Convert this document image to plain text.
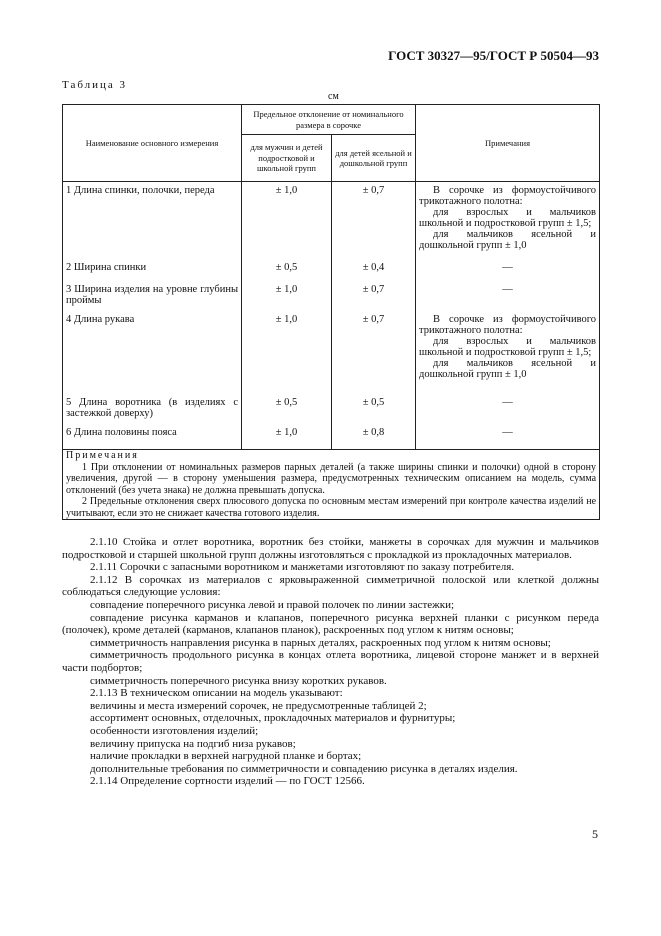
ГОСТ 30327—95/ГОСТ Р 50504—93
Таблица 3
см
Наименование основного измерения	Предельное отклонение от номинального размера в сорочке		Примечания
	для мужчин и детей подростковой и школьной групп	для детей ясельной и дошкольной групп	
1 Длина спинки, полочки, переда	± 1,0	± 0,7	В сорочке из формоустойчивого трикотажного полотна:
для взрослых и мальчиков школьной и подростковой групп ± 1,5;
для мальчиков ясельной и дошкольной групп ± 1,0

2 Ширина спинки	± 0,5	± 0,4	—

3 Ширина изделия на уровне глубины проймы	± 1,0	± 0,7	—

4 Длина рукава	± 1,0	± 0,7	В сорочке из формоустойчивого трикотажного полотна:
для взрослых и мальчиков школьной и подростковой групп ± 1,5;
для мальчиков ясельной и дошкольной групп ± 1,0

5 Длина воротника (в изделиях с застежкой доверху)	± 0,5	± 0,5	—

6 Длина половины пояса	± 1,0	± 0,8	—

Примечания
1 При отклонении от номинальных размеров парных деталей (а также ширины спинки и полочки) одной в сторону увеличения, другой — в сторону уменьшения размера, предусмотренных техническим описанием на модель, сумма отклонений (без учета знака) не должна превышать допуска.
2 Предельные отклонения сверх плюсового допуска по основным местам измерений при контроле качества изделий не учитывают, если это не снижает качества готового изделия.			

2.1.10 Стойка и отлет воротника, воротник без стойки, манжеты в сорочках для мужчин и мальчиков подростковой и старшей школьной групп должны изготовляться с прокладкой из прокладочных материалов.

2.1.11 Сорочки с запасными воротником и манжетами изготовляют по заказу потребителя.

2.1.12 В сорочках из материалов с ярковыраженной симметричной полоской или клеткой должны соблюдаться следующие условия:

совпадение поперечного рисунка левой и правой полочек по линии застежки;

совпадение рисунка карманов и клапанов, поперечного рисунка верхней планки с рисунком переда (полочек), кроме деталей (карманов, клапанов планок), раскроенных под углом к нитям основы;

симметричность направления рисунка в парных деталях, раскроенных под углом к нитям основы;

симметричность продольного рисунка в концах отлета воротника, лицевой стороне манжет и в верхней части подбортов;

симметричность поперечного рисунка внизу коротких рукавов.

2.1.13 В техническом описании на модель указывают:

величины и места измерений сорочек, не предусмотренные таблицей 2;

ассортимент основных, отделочных, прокладочных материалов и фурнитуры;

особенности изготовления изделий;

величину припуска на подгиб низа рукавов;

наличие прокладки в верхней нагрудной планке и бортах;

дополнительные требования по симметричности и совпадению рисунка в деталях изделия.

2.1.14 Определение сортности изделий — по ГОСТ 12566.

5
